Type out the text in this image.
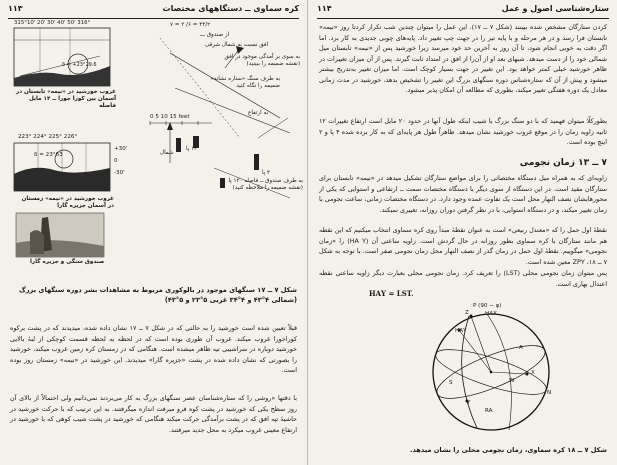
۱۱۳	کره سماوی ــ دستگاههای مختصات
315°10' 20' 30' 40' 50' 316°	۴۴/۲ = ۶/ ۳ = ۷
از صندوق ـــ
افق نسبت به شمال شرقی
به سوی بر آمدگی موجود در افق (نقشه ضمیمه را ببینید)
به طرف سنگ «ستاره نشانه» ضمیمه را نگاه کنید
0 5 10 15 feet
به ارتفاع
به طرف صندوق ــ فاصله ۱۳۰ پا (نقشه ضمیمه را ملاحظه کنید)
δ = +23°29.6
غروب خورشید در «نیمه» تابستان در آسمان بین کورا جورا ــ ۱۴ مایل فاصله
223° 224° 225° 226°
δ = 23°63
+30'
0
-30'
غروب خورشید در «نیمه» زمستان در آسمان جزیره گارا
شمال
۱۲ پا
۴ پا
صندوق سنگی و جزیره گارا
شکل ۷ ــ ۱۷ سنگهای موجود در بالوکوری مربوط به مشاهدات بشر دوره سنگهای بزرگ (شمالی ۴°۴۳ و ۴°۳۴ غربی ۵°۲۳ و ۵°۴۳)
قبلاً تعیین شده است خورشید را به حالتی که در شکل ۷ ــ ۱۷ نشان داده شده، میدیدند که در پشت برکوه کوراجورا غروب میکند. غروب آن طوری بوده است که در لحظه به لحظه قسمت کوچکی از لبهٔ بالایی خورشید دوباره در سراشیبی تیه ظاهر میشده است. هنگامی که در زمستان کره زمین غروب میکند، خورشید را بصورتی که نشان داده شده در پشت «جزیره گارا» میدیدند. این خورشید در «نیمه» زمستان روز بوده است.
با دقتها «روشی را که ستاره‌شناسان عصر سنگهای بزرگ به کار می‌بردند نمی‌دانیم ولی احتمالاً از بالای آن روز سطح یکی که خورشید در پشت کوه فرو میرفت اندازه میگرفتند. به این ترتیب که با حرکت خورشید در حاشیهٔ تپه افق که در پشت برآمدگی حرکت میکند هنگامی که خورشید در پشت شیب کوهی که با خورشید در ارتفاع معینی غروب میکرد به محل جدید میرفتند.
۱۱۴	ستاره‌شناسی اصول و عمل
کردن ستارگان مشخص شده ببینند (شکل ۷ ــ ۱۷). این عمل را میتوان چندین شب تکرار کردتا روز «نیمه» تابستان فرا رسد و در هر مرحله و با پایه تیر را در جهت چپ تغییر داد. پایه‌های چوبی جدیدی به کار برد. اما اگر دقت به خوبی انجام شود، تا آن روز به آخرین حد خود میرسد زیرا خورشید پس از «نیمه» تابستان میل شمالی خود را از دست میدهد. شبهای بعد او از آن‌را از افق در امتداد ثابت گیرند. پس از آن میزان تغییرات در ظاهر خورشید خیلی کمتر خواهد بود. این تغییر در جهت بسیار کوچک است. اما میزان تغییر به‌تدریج بیشتر میشود و پیش از آن که ستاره‌شناس دوره سنگهای بزرگ این تغییر را تشخیص بدهد، خورشید در مدت زمانی معادل یک دوره هفتگی تغییر میکند، بطوری که مطالعه آن امکان پذیر میشود.
بطورکلّا میتوان فهمید که با دو سنگ بزرگ با شیب اینکه طول آنها در حدود ۲۰ مایل است ارتفاع تغییرات ۱۲ ثانیه زاویه زمان را در موقع غروب خورشید نشان میدهد. ظاهراً طول هر پایه‌ای که به کار برده شده ۴ پا و ۲ اینچ بوده است.
۷ ــ ۱۳ زمان نجومی
زاویه‌ای که به همراه میل دستگاه مختصاتی را برای مواضع ستارگان تشکیل میدهد در «نیمه» تابستان برای ستارگان مقید است. در این دستگاه از سوی دیگر با دستگاه مختصات سمت ــ ارتفاعی و استوایی که یکی از محورهایشان نصف النهار محل است یک تفاوت عمده وجود دارد. در دستگاه مختصات زمانی، ساعت نجومی با زمان تغییر میکند، و در دستگاه استوایی، با در نظر گرفتن دوران روزانه، تغییری نمیکند.
نقطهٔ اول حمل را که «معتدل ربیعی» است به عنوان نقطهٔ مبدأ روی کره سماوی انتخاب میکنیم که این نقطه هم مانند ستارگان با کره سماوی بطور روزانه در حال گردش است. زاویه ساعتی آن (HA Υ) را «زمان نجومی» میگوییم. نقطهٔ اول حمل در زمان گذر از نصف النهار محل زمان نجومی صفر است. با توجه به شکل ۷ ــ ۱۸، ZPΥ معین شده است.
پس میتوان زمان نجومی محلی (LST) را تعریف کرد. زمان نجومی محلی بعبارت دیگر زاویه ساعتی نقطه اعتدال بهاری است.
HAΥ = LST.
P (90 − φ)
HAX
HAΥ
Z
A
X
W
S
Υ
RA
N
شکل ۷ ــ ۱۸ کره سماوی، زمان نجومی محلی را نشان میدهد.
